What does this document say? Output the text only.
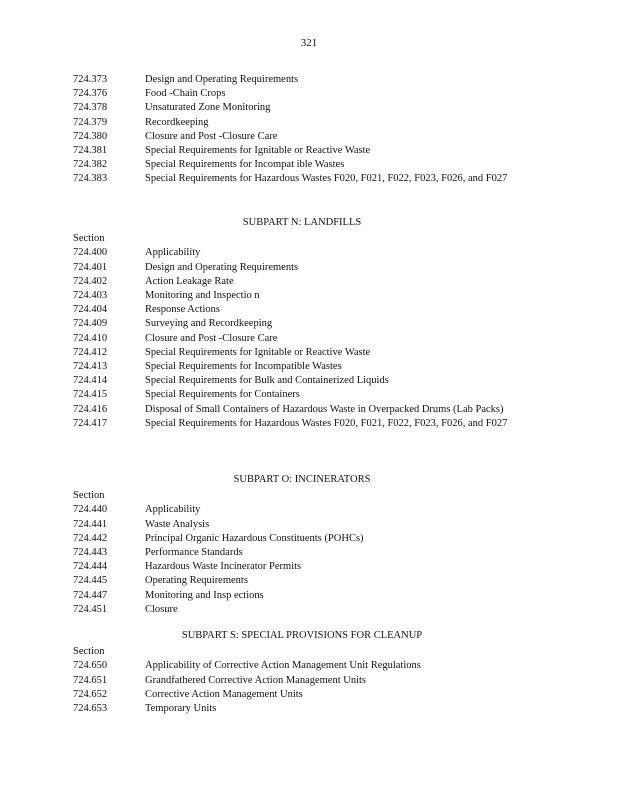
321
724.373	Design and Operating Requirements
724.376	Food -Chain Crops
724.378	Unsaturated Zone Monitoring
724.379	Recordkeeping
724.380	Closure and Post -Closure Care
724.381	Special Requirements for Ignitable or Reactive Waste
724.382	Special Requirements for Incompat ible Wastes
724.383	Special Requirements for Hazardous Wastes F020, F021, F022, F023, F026, and F027
SUBPART N: LANDFILLS
Section
724.400	Applicability
724.401	Design and Operating Requirements
724.402	Action Leakage Rate
724.403	Monitoring and Inspectio n
724.404	Response Actions
724.409	Surveying and Recordkeeping
724.410	Closure and Post -Closure Care
724.412	Special Requirements for Ignitable or Reactive Waste
724.413	Special Requirements for Incompatible Wastes
724.414	Special Requirements for Bulk and Containerized Liquids
724.415	Special Requirements for Containers
724.416	Disposal of Small Containers of Hazardous Waste in Overpacked Drums (Lab Packs)
724.417	Special Requirements for Hazardous Wastes F020, F021, F022, F023, F026, and F027
SUBPART O: INCINERATORS
Section
724.440	Applicability
724.441	Waste Analysis
724.442	Principal Organic Hazardous Constituents (POHCs)
724.443	Performance Standards
724.444	Hazardous Waste Incinerator Permits
724.445	Operating Requirements
724.447	Monitoring and Insp ections
724.451	Closure
SUBPART S: SPECIAL PROVISIONS FOR CLEANUP
Section
724.650	Applicability of Corrective Action Management Unit Regulations
724.651	Grandfathered Corrective Action Management Units
724.652	Corrective Action Management Units
724.653	Temporary Units
